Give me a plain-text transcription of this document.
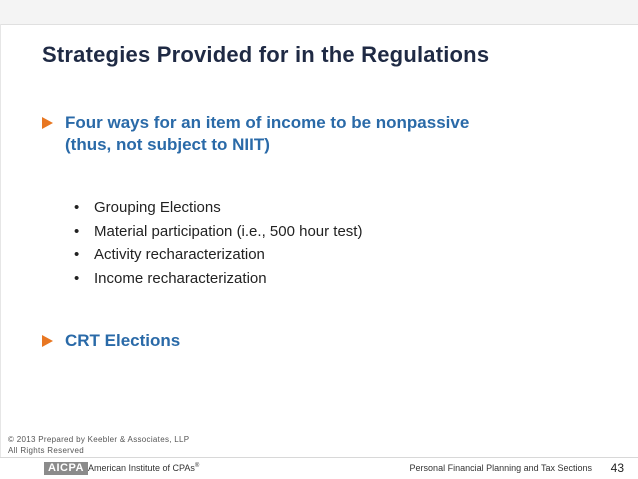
Strategies Provided for in the Regulations
Four ways for an item of income to be nonpassive
(thus, not subject to NIIT)
• Grouping Elections
• Material participation (i.e., 500 hour test)
• Activity recharacterization
• Income recharacterization
CRT Elections
© 2013 Prepared by Keebler & Associates, LLP
All Rights Reserved
AICPA American Institute of CPAs®	Personal Financial Planning and Tax Sections 43
